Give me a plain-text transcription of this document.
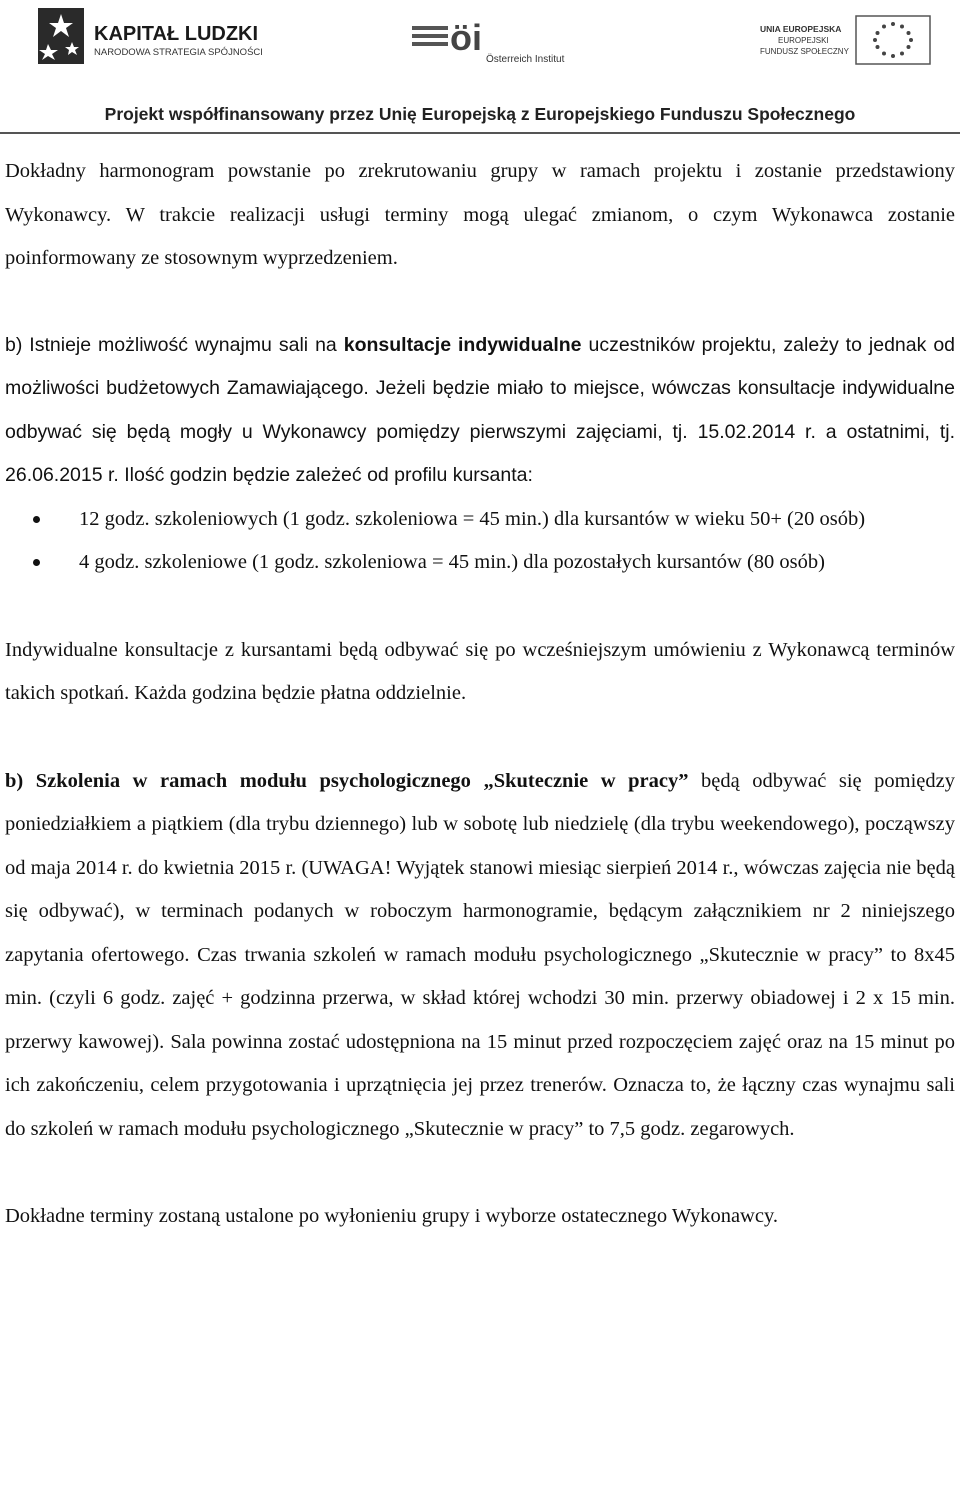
KAPITAŁ LUDZKI
NARODOWA STRATEGIA SPÓJNOŚCI	öi
Österreich Institut
UNIA EUROPEJSKA
EUROPEJSKI
FUNDUSZ SPOŁECZNY
Projekt współfinansowany przez Unię Europejską z Europejskiego Funduszu Społecznego

Dokładny harmonogram powstanie po zrekrutowaniu grupy w ramach projektu i zostanie przedstawiony Wykonawcy. W trakcie realizacji usługi terminy mogą ulegać zmianom, o czym Wykonawca zostanie poinformowany ze stosownym wyprzedzeniem.

b) Istnieje możliwość wynajmu sali na konsultacje indywidualne uczestników projektu, zależy to jednak od możliwości budżetowych Zamawiającego. Jeżeli będzie miało to miejsce, wówczas konsultacje indywidualne odbywać się będą mogły u Wykonawcy pomiędzy pierwszymi zajęciami, tj. 15.02.2014 r. a ostatnimi, tj. 26.06.2015 r. Ilość godzin będzie zależeć od profilu kursanta:

12 godz. szkoleniowych (1 godz. szkoleniowa = 45 min.) dla kursantów w wieku 50+ (20 osób)
4 godz. szkoleniowe (1 godz. szkoleniowa = 45 min.) dla pozostałych kursantów (80 osób)

Indywidualne konsultacje z kursantami będą odbywać się po wcześniejszym umówieniu z Wykonawcą terminów takich spotkań. Każda godzina będzie płatna oddzielnie.

b) Szkolenia w ramach modułu psychologicznego „Skutecznie w pracy” będą odbywać się pomiędzy poniedziałkiem a piątkiem (dla trybu dziennego) lub w sobotę lub niedzielę (dla trybu weekendowego), począwszy od maja 2014 r. do kwietnia 2015 r. (UWAGA! Wyjątek stanowi miesiąc sierpień 2014 r., wówczas zajęcia nie będą się odbywać), w terminach podanych w roboczym harmonogramie, będącym załącznikiem nr 2 niniejszego zapytania ofertowego. Czas trwania szkoleń w ramach modułu psychologicznego „Skutecznie w pracy” to 8x45 min. (czyli 6 godz. zajęć + godzinna przerwa, w skład której wchodzi 30 min. przerwy obiadowej i 2 x 15 min. przerwy kawowej). Sala powinna zostać udostępniona na 15 minut przed rozpoczęciem zajęć oraz na 15 minut po ich zakończeniu, celem przygotowania i uprzątnięcia jej przez trenerów. Oznacza to, że łączny czas wynajmu sali do szkoleń w ramach modułu psychologicznego „Skutecznie w pracy” to 7,5 godz. zegarowych.

Dokładne terminy zostaną ustalone po wyłonieniu grupy i wyborze ostatecznego Wykonawcy.
